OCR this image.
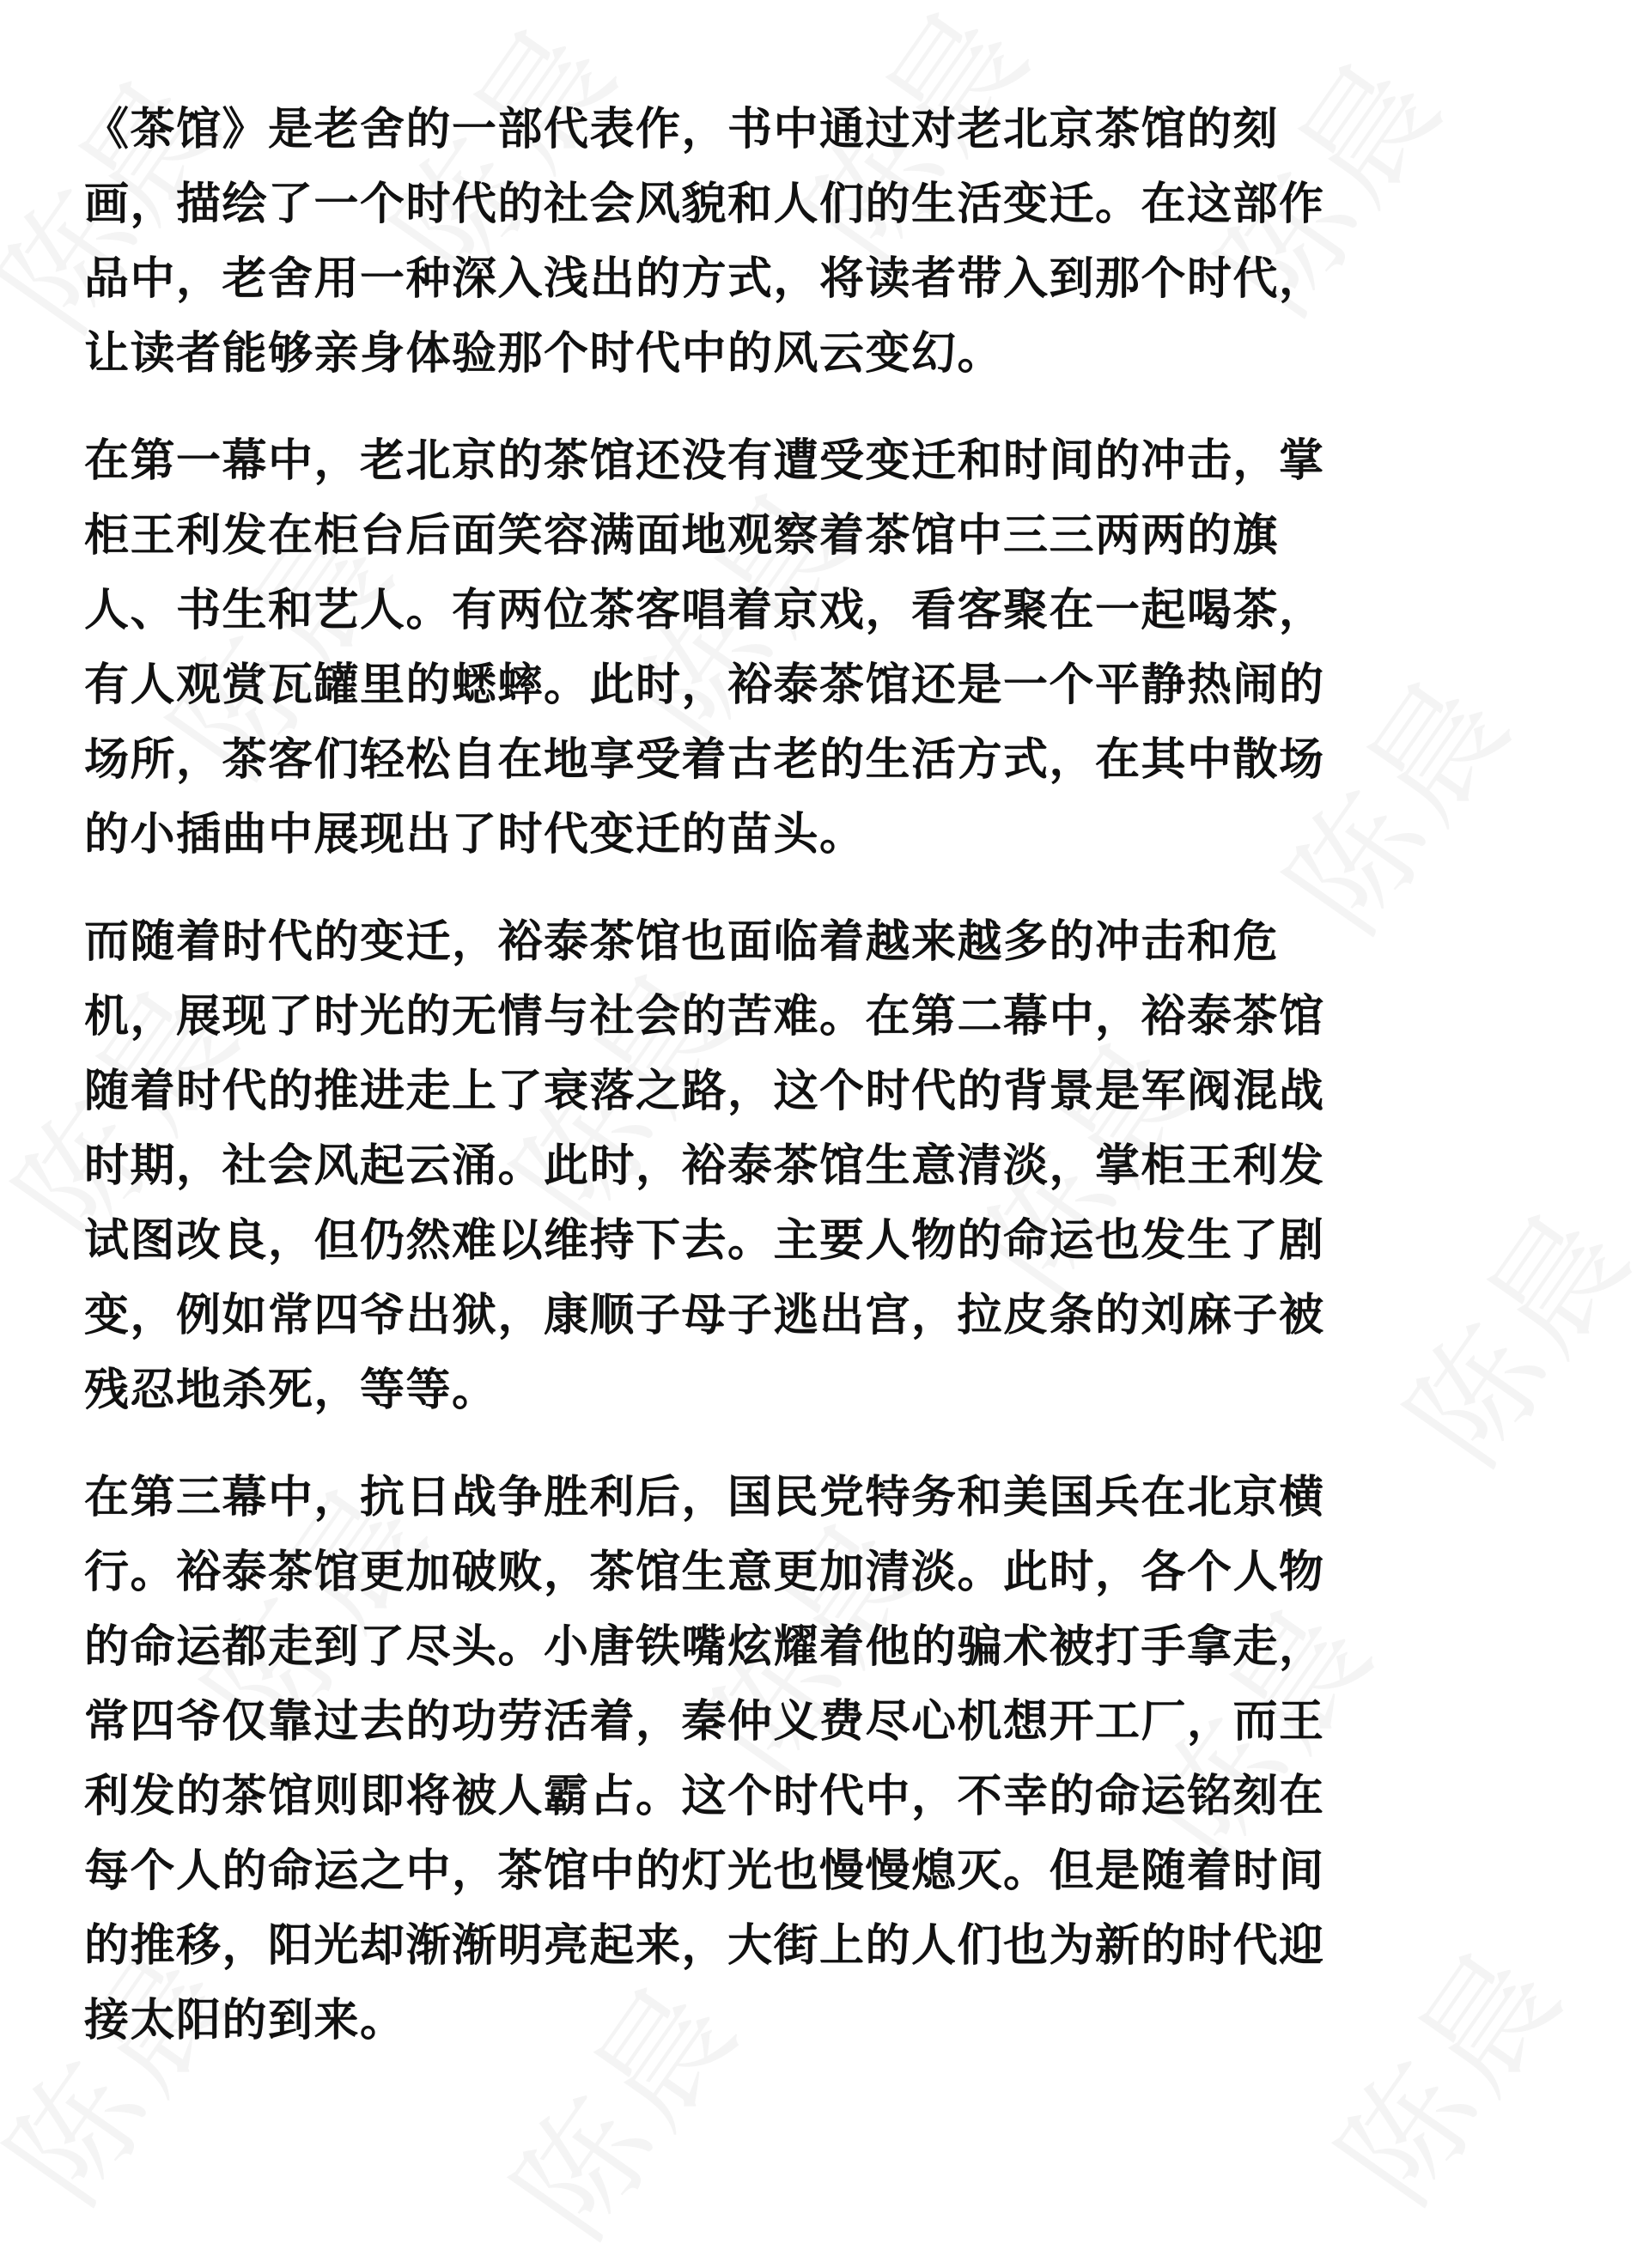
《茶馆》是老舍的一部代表作，书中通过对老北京茶馆的刻
画，描绘了一个时代的社会风貌和人们的生活变迁。在这部作
品中，老舍用一种深入浅出的方式，将读者带入到那个时代，
让读者能够亲身体验那个时代中的风云变幻。
在第一幕中，老北京的茶馆还没有遭受变迁和时间的冲击，掌
柜王利发在柜台后面笑容满面地观察着茶馆中三三两两的旗
人、书生和艺人。有两位茶客唱着京戏，看客聚在一起喝茶，
有人观赏瓦罐里的蟋蟀。此时，裕泰茶馆还是一个平静热闹的
场所，茶客们轻松自在地享受着古老的生活方式，在其中散场
的小插曲中展现出了时代变迁的苗头。
而随着时代的变迁，裕泰茶馆也面临着越来越多的冲击和危
机，展现了时光的无情与社会的苦难。在第二幕中，裕泰茶馆
随着时代的推进走上了衰落之路，这个时代的背景是军阀混战
时期，社会风起云涌。此时，裕泰茶馆生意清淡，掌柜王利发
试图改良，但仍然难以维持下去。主要人物的命运也发生了剧
变，例如常四爷出狱，康顺子母子逃出宫，拉皮条的刘麻子被
残忍地杀死，等等。
在第三幕中，抗日战争胜利后，国民党特务和美国兵在北京横
行。裕泰茶馆更加破败，茶馆生意更加清淡。此时，各个人物
的命运都走到了尽头。小唐铁嘴炫耀着他的骗术被打手拿走，
常四爷仅靠过去的功劳活着，秦仲义费尽心机想开工厂，而王
利发的茶馆则即将被人霸占。这个时代中，不幸的命运铭刻在
每个人的命运之中，茶馆中的灯光也慢慢熄灭。但是随着时间
的推移，阳光却渐渐明亮起来，大街上的人们也为新的时代迎
接太阳的到来。
